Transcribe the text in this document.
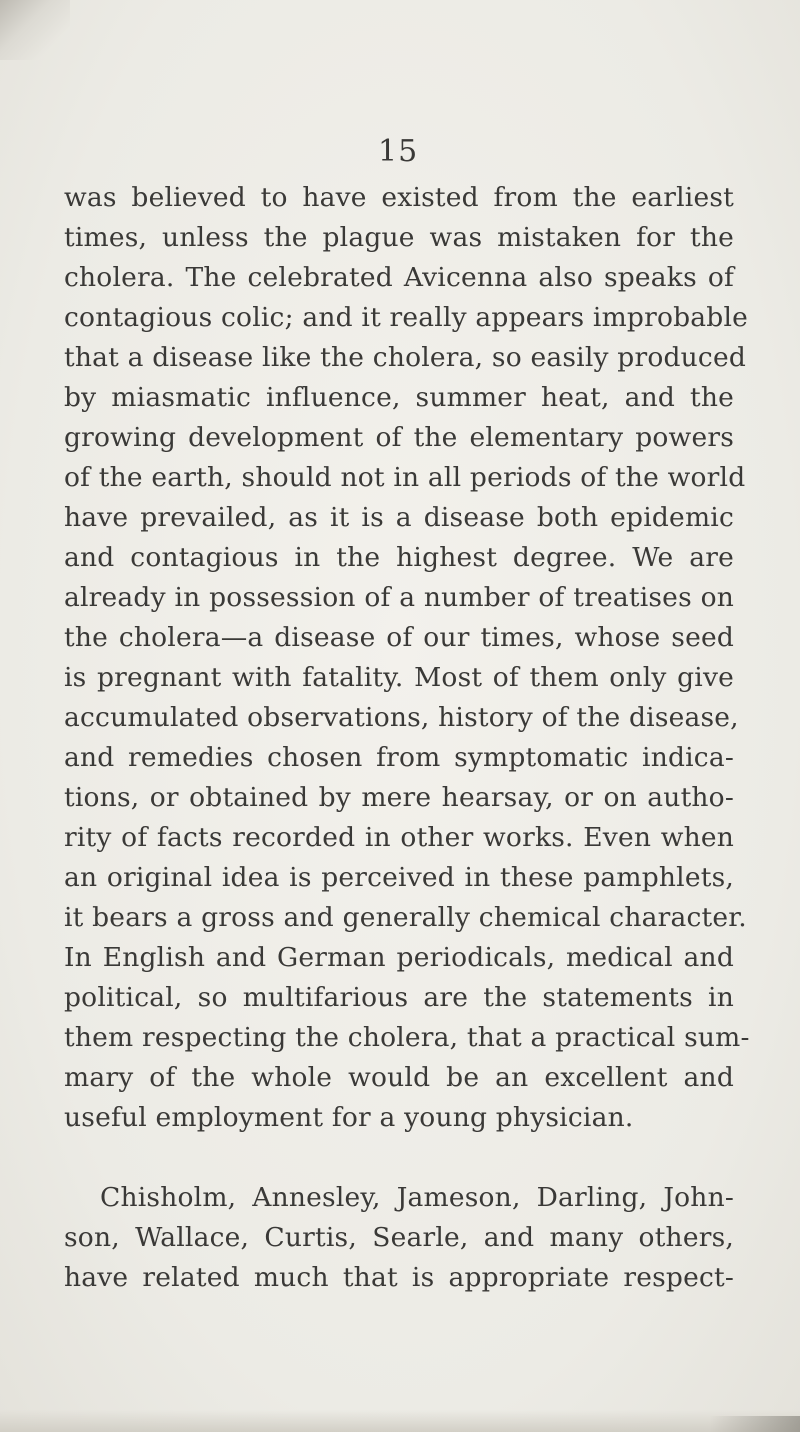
15
was believed to have existed from the earliest
times, unless the plague was mistaken for the
cholera. The celebrated Avicenna also speaks of
contagious colic; and it really appears improbable
that a disease like the cholera, so easily produced
by miasmatic influence, summer heat, and the
growing development of the elementary powers
of the earth, should not in all periods of the world
have prevailed, as it is a disease both epidemic
and contagious in the highest degree. We are
already in possession of a number of treatises on
the cholera—a disease of our times, whose seed
is pregnant with fatality. Most of them only give
accumulated observations, history of the disease,
and remedies chosen from symptomatic indica-
tions, or obtained by mere hearsay, or on autho-
rity of facts recorded in other works. Even when
an original idea is perceived in these pamphlets,
it bears a gross and generally chemical character.
In English and German periodicals, medical and
political, so multifarious are the statements in
them respecting the cholera, that a practical sum-
mary of the whole would be an excellent and
useful employment for a young physician.
Chisholm, Annesley, Jameson, Darling, John-
son, Wallace, Curtis, Searle, and many others,
have related much that is appropriate respect-
